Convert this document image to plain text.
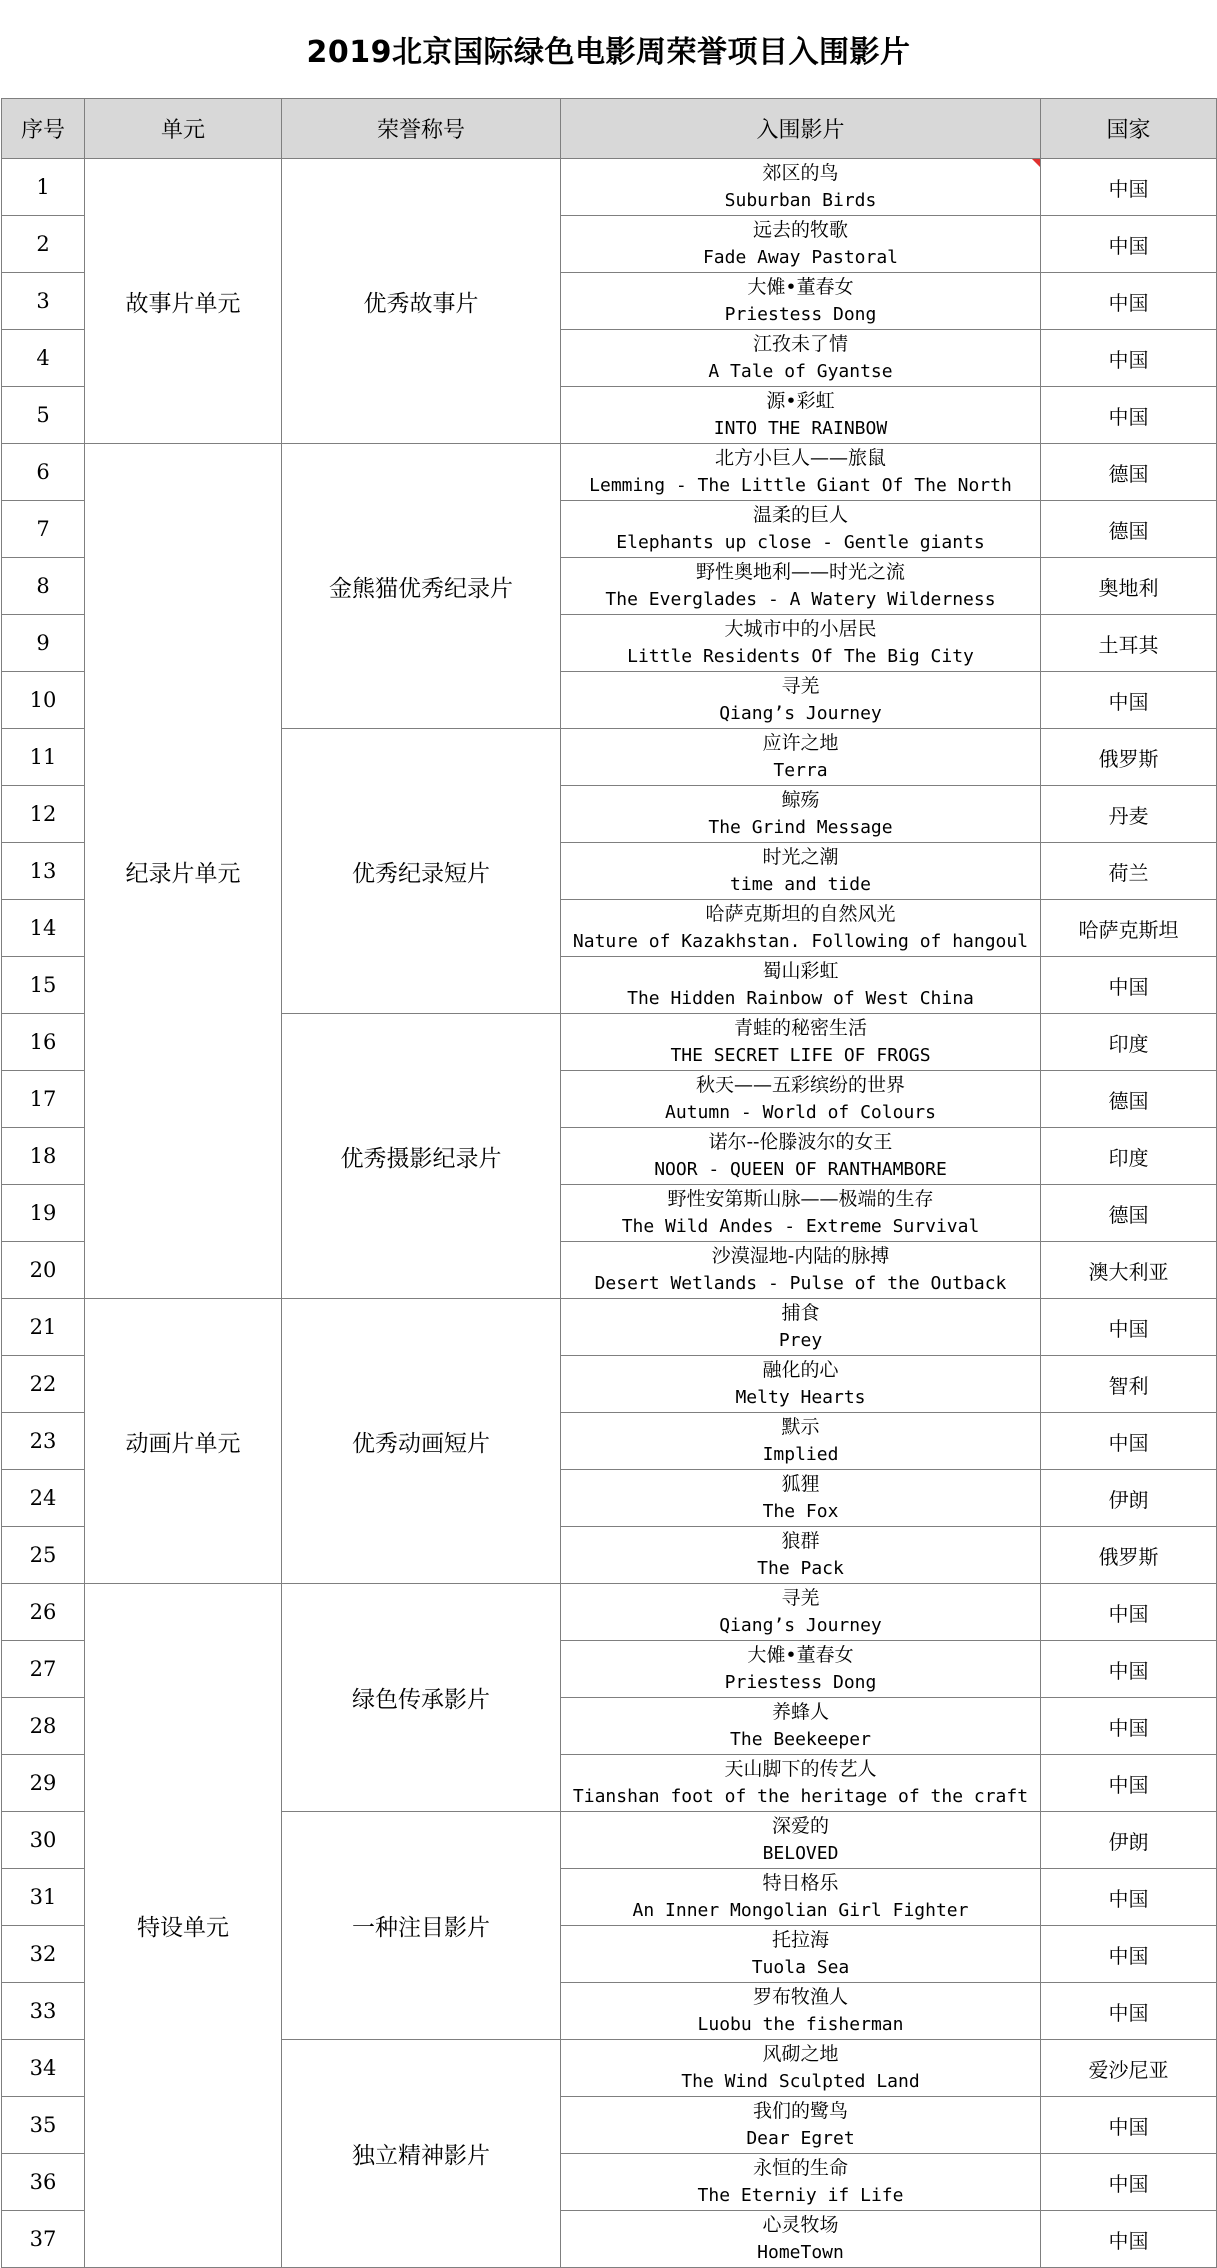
2019北京国际绿色电影周荣誉项目入围影片
序号	单元	荣誉称号	入围影片	国家
1	故事片单元	优秀故事片	郊区的鸟
Suburban Birds	中国
2			远去的牧歌
Fade Away Pastoral	中国
3			大傩•董春女
Priestess Dong	中国
4			江孜未了情
A Tale of Gyantse	中国
5			源•彩虹
INTO THE RAINBOW	中国
6	纪录片单元	金熊猫优秀纪录片	北方小巨人——旅鼠
Lemming - The Little Giant Of The North	德国
7			温柔的巨人
Elephants up close - Gentle giants	德国
8			野性奥地利——时光之流
The Everglades - A Watery Wilderness	奥地利
9			大城市中的小居民
Little Residents Of The Big City	土耳其
10			寻羌
Qiang’s Journey	中国
11		优秀纪录短片	应许之地
Terra	俄罗斯
12			鲸殇
The Grind Message	丹麦
13			时光之潮
time and tide	荷兰
14			哈萨克斯坦的自然风光
Nature of Kazakhstan. Following of hangoul	哈萨克斯坦
15			蜀山彩虹
The Hidden Rainbow of West China	中国
16		优秀摄影纪录片	青蛙的秘密生活
THE SECRET LIFE OF FROGS	印度
17			秋天——五彩缤纷的世界
Autumn - World of Colours	德国
18			诺尔--伦滕波尔的女王
NOOR - QUEEN OF RANTHAMBORE	印度
19			野性安第斯山脉——极端的生存
The Wild Andes - Extreme Survival	德国
20			沙漠湿地-内陆的脉搏
Desert Wetlands - Pulse of the Outback	澳大利亚
21	动画片单元	优秀动画短片	捕食
Prey	中国
22			融化的心
Melty Hearts	智利
23			默示
Implied	中国
24			狐狸
The Fox	伊朗
25			狼群
The Pack	俄罗斯
26	特设单元	绿色传承影片	寻羌
Qiang’s Journey	中国
27			大傩•董春女
Priestess Dong	中国
28			养蜂人
The Beekeeper	中国
29			天山脚下的传艺人
Tianshan foot of the heritage of the craft	中国
30		一种注目影片	深爱的
BELOVED	伊朗
31			特日格乐
An Inner Mongolian Girl Fighter	中国
32			托拉海
Tuola Sea	中国
33			罗布牧渔人
Luobu the fisherman	中国
34		独立精神影片	风砌之地
The Wind Sculpted Land	爱沙尼亚
35			我们的鹭鸟
Dear Egret	中国
36			永恒的生命
The Eterniy if Life	中国
37			心灵牧场
HomeTown	中国
